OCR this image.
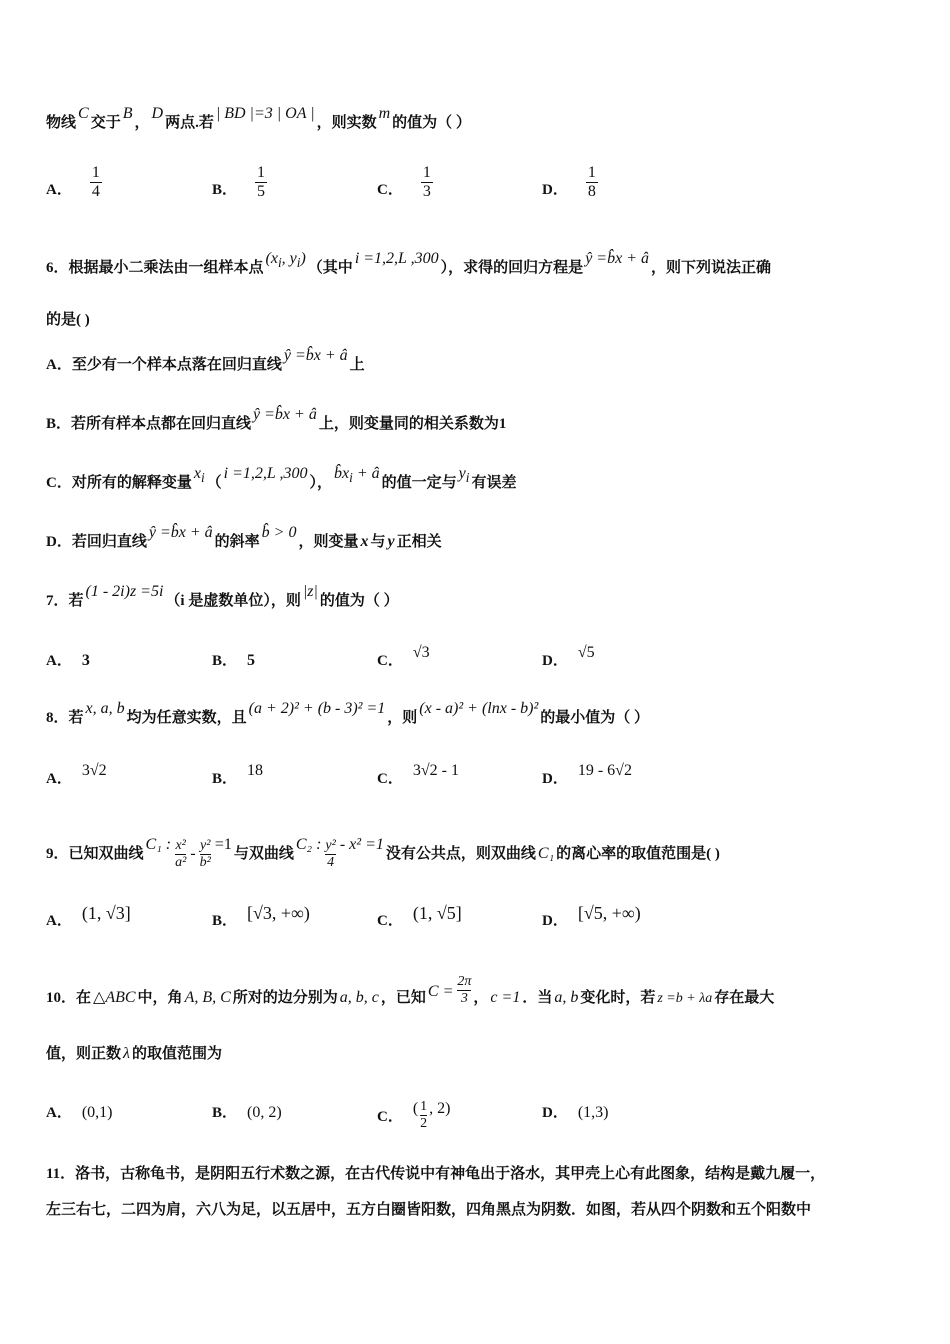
物线C交于B，D两点.若| BD |=3 | OA |，则实数m的值为（ ）
A． $\frac{1}{4}$	B． $\frac{1}{5}$	C． $\frac{1}{3}$	D． $\frac{1}{8}$
6．根据最小二乘法由一组样本点($x_i$, $y_i$)（其中i =1,2,L ,300），求得的回归方程是ŷ =b̂x + â，则下列说法正确
的是( )
A．至少有一个样本点落在回归直线ŷ =b̂x + â上
B．若所有样本点都在回归直线ŷ =b̂x + â上，则变量同的相关系数为1
C．对所有的解释变量$x_i$ （i =1,2,L ,300），$b̂x_i$ + â的值一定与$y_i$ 有误差
D．若回归直线ŷ =b̂x + â的斜率b̂ > 0，则变量 x 与 y 正相关
7．若(1 - 2i)z =5i（i 是虚数单位），则|z|的值为（ ）
A． 3	B． 5	C． √3	D． √5
8．若x, a, b均为任意实数，且(a + 2)² + (b - 3)² =1，则(x - a)² + (lnx - b)²的最小值为（ ）
A． 3√2	B． 18	C． 3√2 - 1	D． 19 - 6√2
9．已知双曲线C₁ : $\frac{\text{x²}}{\text{a²}} - \frac{\text{y²}}{\text{b²}} =1$与双曲线C₂ : $\frac{\text{y²}}{4} - x^2 =1$没有公共点，则双曲线 C₁ 的离心率的取值范围是( )
A． (1, √3]	B． [√3, +∞)	C． (1, √5]	D． [√5, +∞)
10．在 △ABC 中，角 A, B, C 所对的边分别为 a, b, c ，已知 $C = \frac{2\pi}{3}$ ， c =1 ．当 a, b 变化时，若 z =b + λa 存在最大
值，则正数 λ 的取值范围为
A． (0,1)	B． (0, 2)	C． ( $\frac{1}{2}$ , 2)	D． (1,3)
11．洛书，古称龟书，是阴阳五行术数之源，在古代传说中有神龟出于洛水，其甲壳上心有此图象，结构是戴九履一，
左三右七，二四为肩，六八为足，以五居中，五方白圈皆阳数，四角黑点为阴数．如图，若从四个阴数和五个阳数中
